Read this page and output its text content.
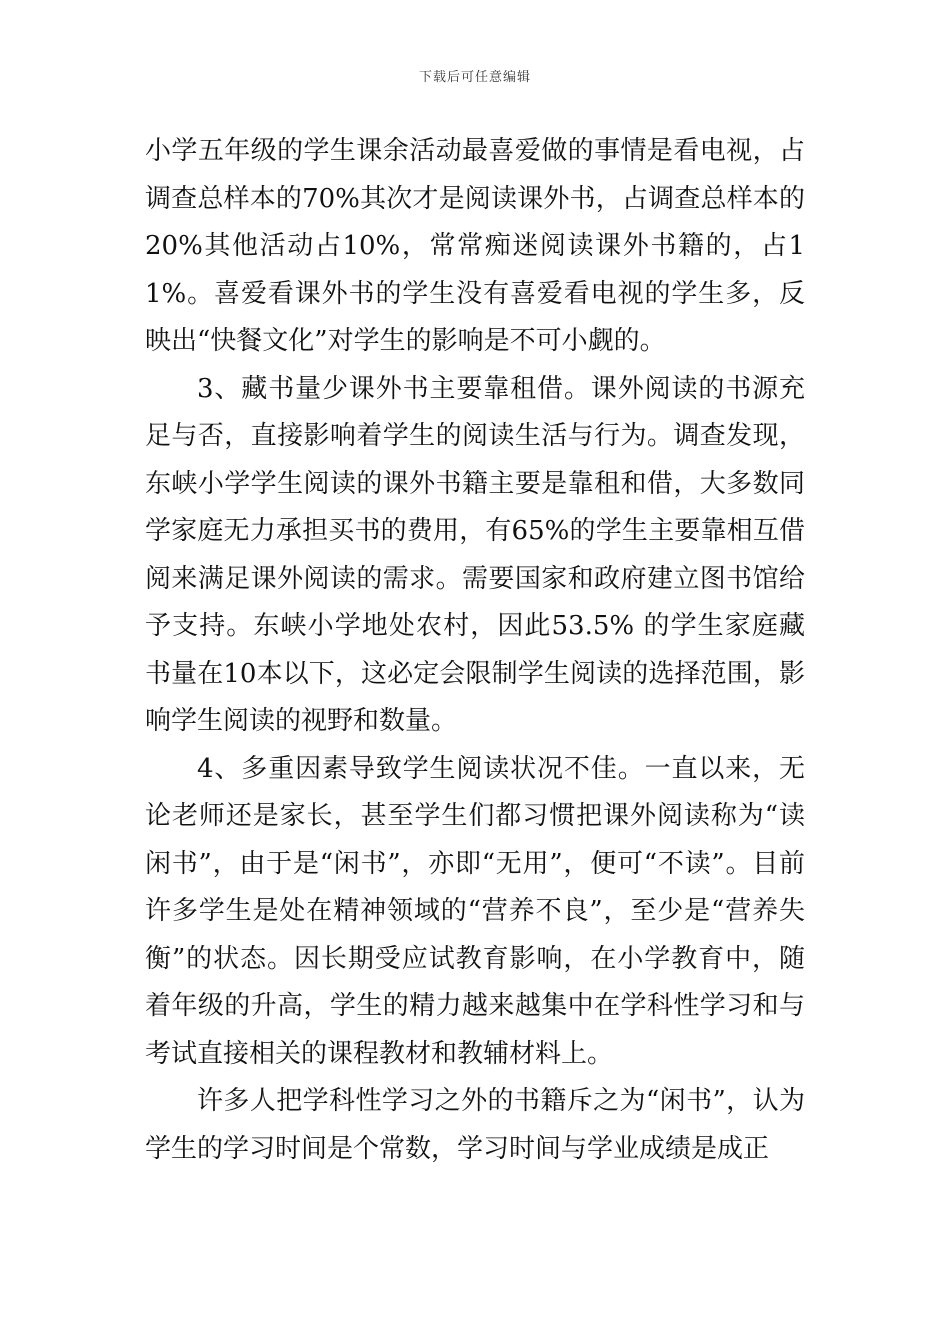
下载后可任意编辑

小学五年级的学生课余活动最喜爱做的事情是看电视，占调查总样本的70%其次才是阅读课外书，占调查总样本的20%其他活动占10%，常常痴迷阅读课外书籍的，占11%。喜爱看课外书的学生没有喜爱看电视的学生多，反映出“快餐文化”对学生的影响是不可小觑的。

3、藏书量少课外书主要靠租借。课外阅读的书源充足与否，直接影响着学生的阅读生活与行为。调查发现，东峡小学学生阅读的课外书籍主要是靠租和借，大多数同学家庭无力承担买书的费用，有65%的学生主要靠相互借阅来满足课外阅读的需求。需要国家和政府建立图书馆给予支持。东峡小学地处农村，因此53.5% 的学生家庭藏书量在10本以下，这必定会限制学生阅读的选择范围，影响学生阅读的视野和数量。

4、多重因素导致学生阅读状况不佳。一直以来，无论老师还是家长，甚至学生们都习惯把课外阅读称为“读闲书”，由于是“闲书”，亦即“无用”，便可“不读”。目前许多学生是处在精神领域的“营养不良”，至少是“营养失衡”的状态。因长期受应试教育影响，在小学教育中，随着年级的升高，学生的精力越来越集中在学科性学习和与考试直接相关的课程教材和教辅材料上。

许多人把学科性学习之外的书籍斥之为“闲书”，认为学生的学习时间是个常数，学习时间与学业成绩是成正
